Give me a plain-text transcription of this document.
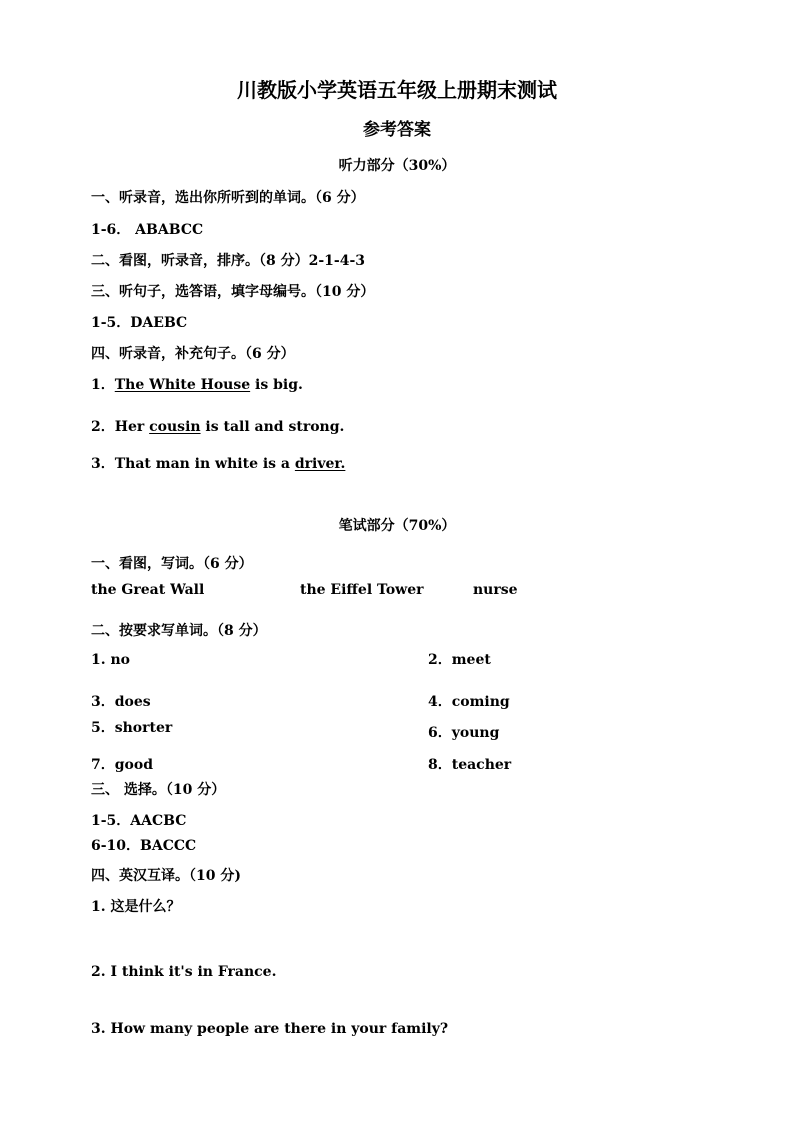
川教版小学英语五年级上册期末测试
参考答案
听力部分（30%）
一、听录音，选出你所听到的单词。（6 分）
1-6． ABABCC
二、看图，听录音，排序。（8 分）2-1-4-3
三、听句子，选答语，填字母编号。（10 分）
1-5．DAEBC
四、听录音，补充句子。（6 分）
1．The White House is big.
2．Her cousin is tall and strong.
3．That man in white is a driver.
笔试部分（70%）
一、看图，写词。（6 分）
the Great Wall	the Eiffel Tower	nurse
二、按要求写单词。（8 分）
1. no	2．meet
3．does	4．coming
5．shorter	6．young
7．good	8．teacher
三、 选择。（10 分）
1-5．AACBC
6-10．BACCC
四、英汉互译。（10 分)
1. 这是什么？
2. I think it's in France.
3. How many people are there in your family?
